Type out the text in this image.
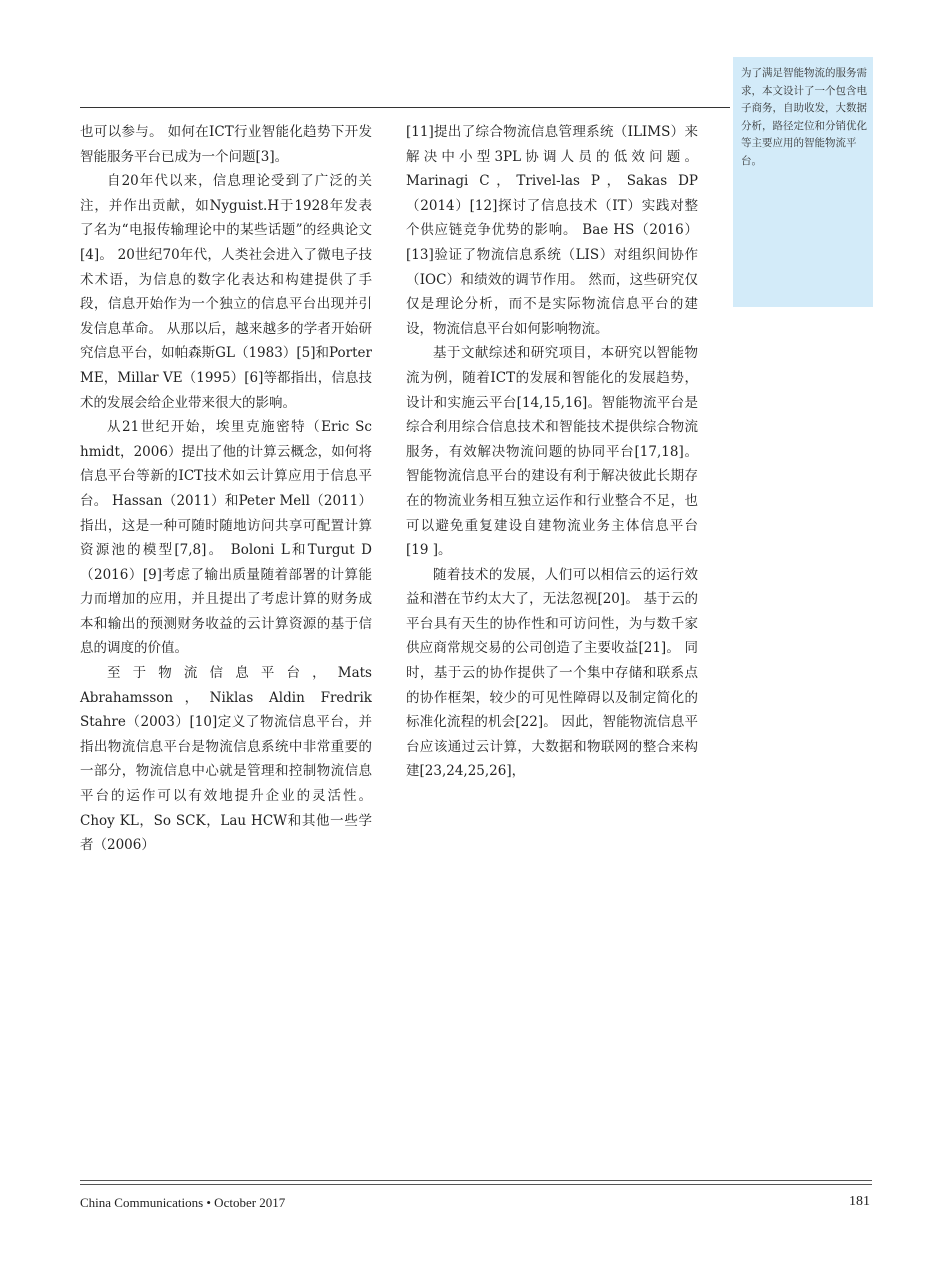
为了满足智能物流的服务需求，本文设计了一个包含电子商务，自助收发，大数据分析，路径定位和分销优化等主要应用的智能物流平台。

也可以参与。 如何在ICT行业智能化趋势下开发智能服务平台已成为一个问题[3]。

自20年代以来，信息理论受到了广泛的关注，并作出贡献，如Nyguist.H于1928年发表了名为“电报传输理论中的某些话题”的经典论文[4]。 20世纪70年代，人类社会进入了微电子技术术语，为信息的数字化表达和构建提供了手段，信息开始作为一个独立的信息平台出现并引发信息革命。 从那以后，越来越多的学者开始研究信息平台，如帕森斯GL（1983）[5]和Porter ME，Millar VE（1995）[6]等都指出，信息技术的发展会给企业带来很大的影响。

从21世纪开始，埃里克施密特（Eric Sc hmidt，2006）提出了他的计算云概念，如何将信息平台等新的ICT技术如云计算应用于信息平台。 Hassan（2011）和Peter Mell（2011）指出，这是一种可随时随地访问共享可配置计算资源池的模型[7,8]。 Boloni L和Turgut D（2016）[9]考虑了输出质量随着部署的计算能力而增加的应用，并且提出了考虑计算的财务成本和输出的预测财务收益的云计算资源的基于信息的调度的价值。

至于物流信息平台，Mats Abrahamsson，Niklas Aldin Fredrik Stahre（2003）[10]定义了物流信息平台，并指出物流信息平台是物流信息系统中非常重要的一部分，物流信息中心就是管理和控制物流信息平台的运作可以有效地提升企业的灵活性。 Choy KL，So SCK，Lau HCW和其他一些学者（2006）

[11]提出了综合物流信息管理系统（ILIMS）来解决中小型3PL协调人员的低效问题。 Marinagi C，Trivel-las P，Sakas DP（2014）[12]探讨了信息技术（IT）实践对整个供应链竞争优势的影响。 Bae HS（2016）[13]验证了物流信息系统（LIS）对组织间协作（IOC）和绩效的调节作用。 然而，这些研究仅仅是理论分析，而不是实际物流信息平台的建设，物流信息平台如何影响物流。

基于文献综述和研究项目，本研究以智能物流为例，随着ICT的发展和智能化的发展趋势，设计和实施云平台[14,15,16]。智能物流平台是综合利用综合信息技术和智能技术提供综合物流服务，有效解决物流问题的协同平台[17,18]。 智能物流信息平台的建设有利于解决彼此长期存在的物流业务相互独立运作和行业整合不足，也可以避免重复建设自建物流业务主体信息平台[19 ]。

随着技术的发展，人们可以相信云的运行效益和潜在节约太大了，无法忽视[20]。 基于云的平台具有天生的协作性和可访问性，为与数千家供应商常规交易的公司创造了主要收益[21]。 同时，基于云的协作提供了一个集中存储和联系点的协作框架，较少的可见性障碍以及制定简化的标准化流程的机会[22]。 因此，智能物流信息平台应该通过云计算，大数据和物联网的整合来构建[23,24,25,26]，

China Communications • October 2017	181
